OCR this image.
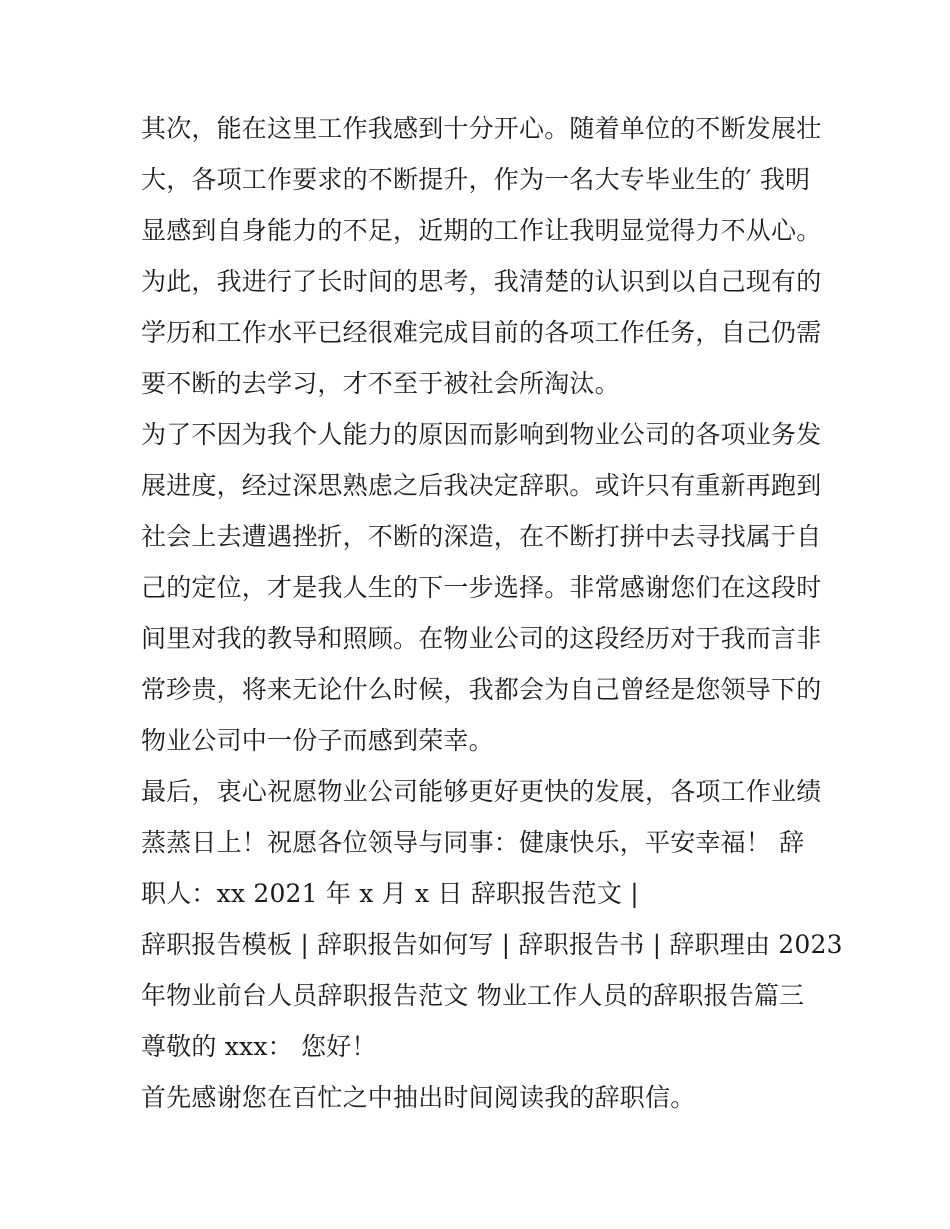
其次，能在这里工作我感到十分开心。随着单位的不断发展壮
大，各项工作要求的不断提升，作为一名大专毕业生的′ 我明
显感到自身能力的不足，近期的工作让我明显觉得力不从心。
为此，我进行了长时间的思考，我清楚的认识到以自己现有的
学历和工作水平已经很难完成目前的各项工作任务，自己仍需
要不断的去学习，才不至于被社会所淘汰。
为了不因为我个人能力的原因而影响到物业公司的各项业务发
展进度，经过深思熟虑之后我决定辞职。或许只有重新再跑到
社会上去遭遇挫折，不断的深造，在不断打拼中去寻找属于自
己的定位，才是我人生的下一步选择。非常感谢您们在这段时
间里对我的教导和照顾。在物业公司的这段经历对于我而言非
常珍贵，将来无论什么时候，我都会为自己曾经是您领导下的
物业公司中一份子而感到荣幸。
最后，衷心祝愿物业公司能够更好更快的发展，各项工作业绩
蒸蒸日上！祝愿各位领导与同事：健康快乐，平安幸福！ 辞
职人：xx 2021 年 x 月 x 日 辞职报告范文 |
辞职报告模板 | 辞职报告如何写 | 辞职报告书 | 辞职理由 2023
年物业前台人员辞职报告范文 物业工作人员的辞职报告篇三
尊敬的 xxx： 您好！
首先感谢您在百忙之中抽出时间阅读我的辞职信。
